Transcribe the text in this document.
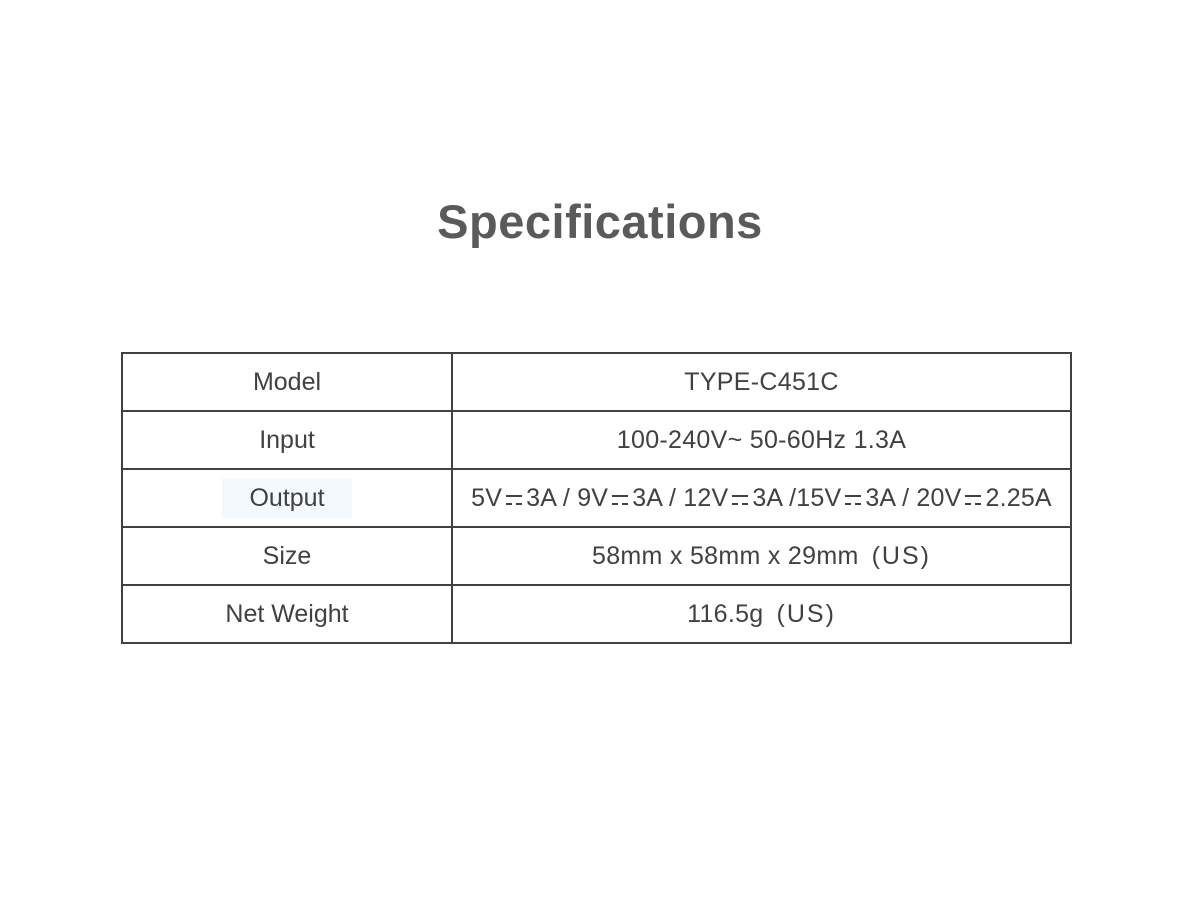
Specifications
Model	TYPE-C451C
Input	100-240V~ 50-60Hz 1.3A
Output	5V 3A / 9V 3A / 12V 3A /15V 3A / 20V 2.25A
Size	58mm x 58mm x 29mm (US)
Net Weight	116.5g (US)
